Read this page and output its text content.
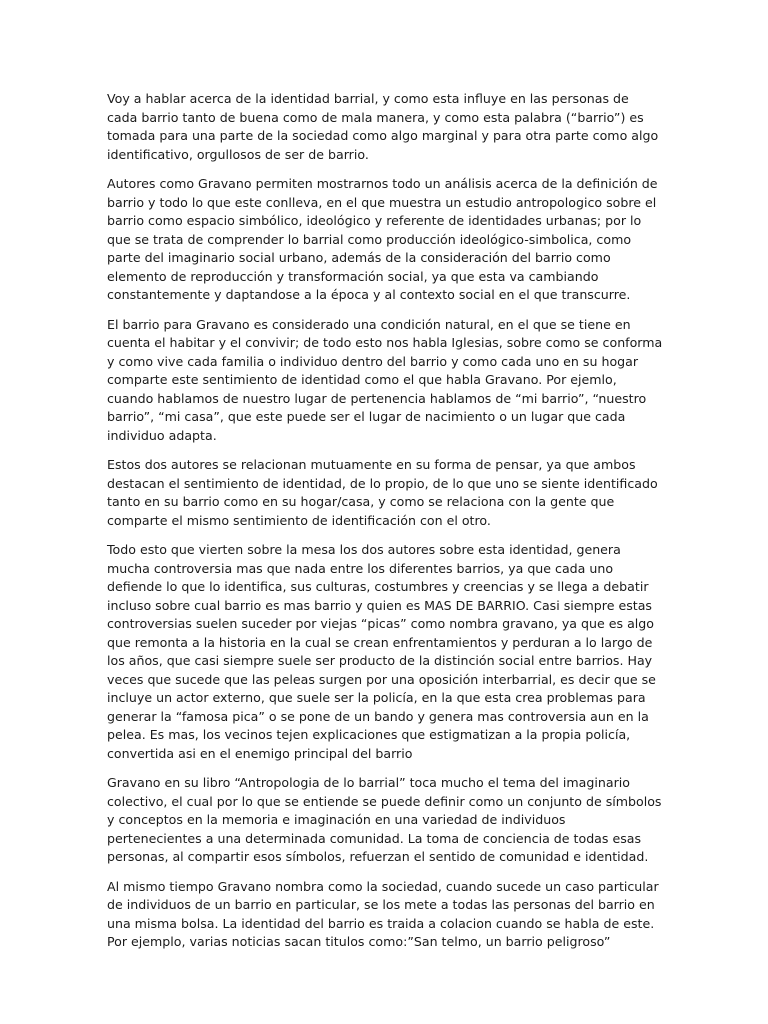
Voy a hablar acerca de la identidad barrial, y como esta influye en las personas de cada barrio tanto de buena como de mala manera, y como esta palabra (“barrio”) es tomada para una parte de la sociedad como algo marginal y para otra parte como algo identificativo, orgullosos de ser de barrio.

Autores como Gravano permiten mostrarnos todo un análisis acerca de la definición de barrio y todo lo que este conlleva, en el que muestra un estudio antropologico sobre el barrio como espacio simbólico, ideológico y referente de identidades urbanas; por lo que se trata de comprender lo barrial como producción ideológico-simbolica, como parte del imaginario social urbano, además de la consideración del barrio como elemento de reproducción y transformación social, ya que esta va cambiando constantemente y daptandose a la época y al contexto social en el que transcurre.

El barrio para Gravano es considerado una condición natural, en el que se tiene en cuenta el habitar y el convivir; de todo esto nos habla Iglesias, sobre como se conforma y como vive cada familia o individuo dentro del barrio y como cada uno en su hogar comparte este sentimiento de identidad como el que habla Gravano. Por ejemlo, cuando hablamos de nuestro lugar de pertenencia hablamos de “mi barrio”, “nuestro barrio”, “mi casa”, que este puede ser el lugar de nacimiento o un lugar que cada individuo adapta.

Estos dos autores se relacionan mutuamente en su forma de pensar, ya que ambos destacan el sentimiento de identidad, de lo propio, de lo que uno se siente identificado tanto en su barrio como en su hogar/casa, y como se relaciona con la gente que comparte el mismo sentimiento de identificación con el otro.

Todo esto que vierten sobre la mesa los dos autores sobre esta identidad, genera mucha controversia mas que nada entre los diferentes barrios, ya que cada uno defiende lo que lo identifica, sus culturas, costumbres y creencias y se llega a debatir incluso sobre cual barrio es mas barrio y quien es MAS DE BARRIO. Casi siempre estas controversias suelen suceder por viejas “picas” como nombra gravano, ya que es algo que remonta a la historia en la cual se crean enfrentamientos y perduran a lo largo de los años, que casi siempre suele ser producto de la distinción social entre barrios. Hay veces que sucede que las peleas surgen por una oposición interbarrial, es decir que se incluye un actor externo, que suele ser la policía, en la que esta crea problemas para generar la “famosa pica” o se pone de un bando y genera mas controversia aun en la pelea. Es mas, los vecinos tejen explicaciones que estigmatizan a la propia policía, convertida asi en el enemigo principal del barrio

Gravano en su libro “Antropologia de lo barrial” toca mucho el tema del imaginario colectivo, el cual por lo que se entiende se puede definir como un conjunto de símbolos y conceptos en la memoria e imaginación en una variedad de individuos pertenecientes a una determinada comunidad. La toma de conciencia de todas esas personas, al compartir esos símbolos, refuerzan el sentido de comunidad e identidad.

Al mismo tiempo Gravano nombra como la sociedad, cuando sucede un caso particular de individuos de un barrio en particular, se los mete a todas las personas del barrio en una misma bolsa. La identidad del barrio es traida a colacion cuando se habla de este. Por ejemplo, varias noticias sacan titulos como:”San telmo, un barrio peligroso”
